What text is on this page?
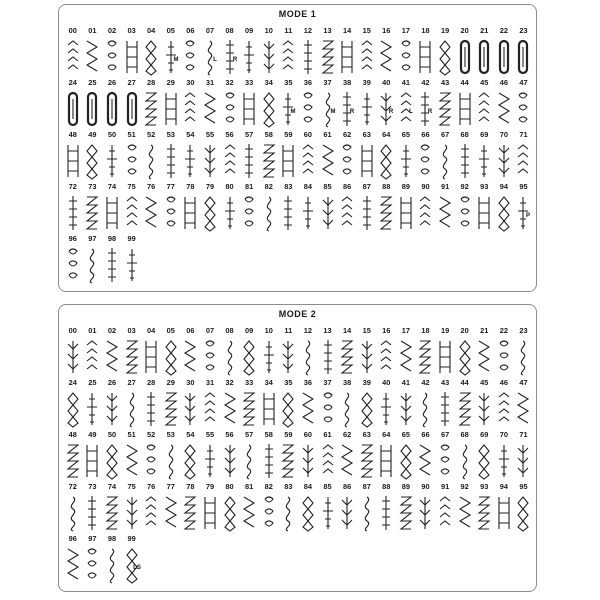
MODE 1
00 01 02 03 04 05
M
06 07
L
08
R
09 10 11 12 13 14 15 16 17 18 19 20 21 22 23
24 25 26 27 28 29 30 31 32 33 34 35
M
36 37
M
38
R
39 40
R
41
L
42
R
43 44 45 46 47
48 49 50 51 52 53 54 55 56 57 58 59 60 61 62 63 64 65 66 67 68 69 70 71
72 73 74 75 76 77 78 79 80 81 82 83 84 85 86 87 88 89 90 91 92 93 94 95
P
96 97 98 99
MODE 2
00 01 02 03 04 05 06 07 08 09 10 11 12 13 14 15 16 17 18 19 20 21 22 23
24 25 26 27 28 29 30 31 32 33 34 35 36 37 38 39 40 41 42 43 44 45 46 47
48 49 50 51 52 53 54 55 56 57 58 59 60 61 62 63 64 65 66 67 68 69 70 71
72 73 74 75 76 77 78 79 80 81 82 83 84 85 86 87 88 89 90 91 92 93 94 95
96 97 98 99
LS
